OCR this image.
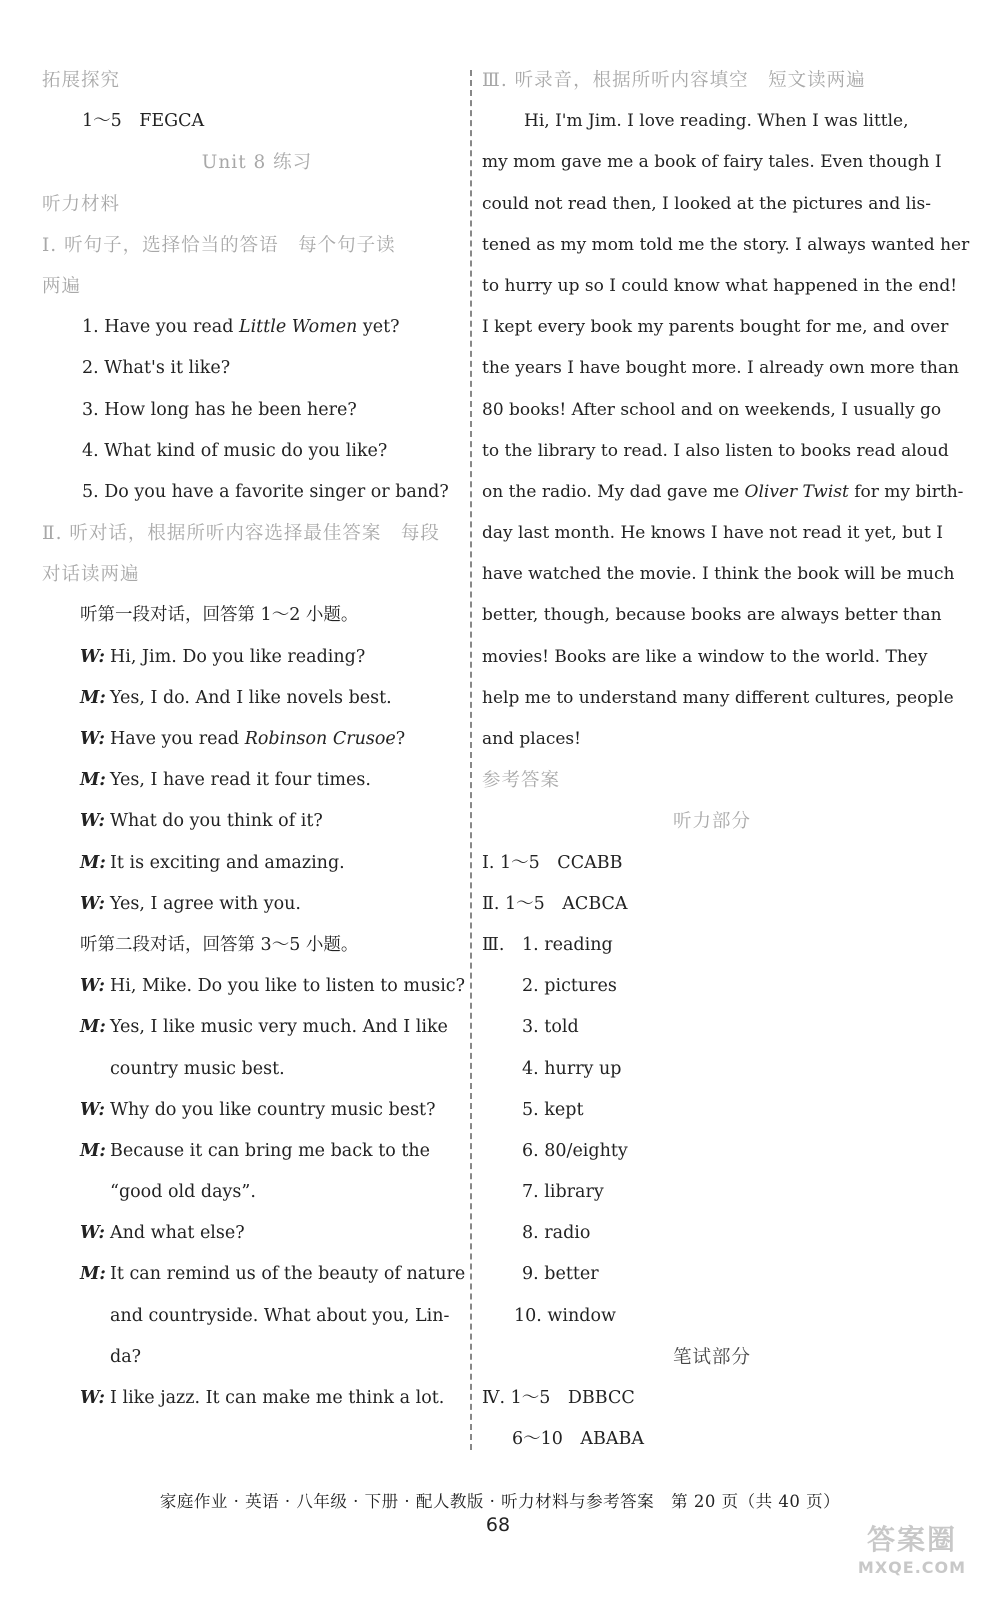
拓展探究
1～5　FEGCA
Unit 8 练习
听力材料
Ⅰ. 听句子，选择恰当的答语　每个句子读
两遍
1. Have you read Little Women yet?
2. What's it like?
3. How long has he been here?
4. What kind of music do you like?
5. Do you have a favorite singer or band?
Ⅱ. 听对话，根据所听内容选择最佳答案　每段
对话读两遍
听第一段对话，回答第 1～2 小题。
W: Hi, Jim. Do you like reading?
M: Yes, I do. And I like novels best.
W: Have you read Robinson Crusoe?
M: Yes, I have read it four times.
W: What do you think of it?
M: It is exciting and amazing.
W: Yes, I agree with you.
听第二段对话，回答第 3～5 小题。
W: Hi, Mike. Do you like to listen to music?
M: Yes, I like music very much. And I like
country music best.
W: Why do you like country music best?
M: Because it can bring me back to the
“good old days”.
W: And what else?
M: It can remind us of the beauty of nature
and countryside. What about you, Lin-
da?
W: I like jazz. It can make me think a lot.
Ⅲ. 听录音，根据所听内容填空　短文读两遍
Hi, I'm Jim. I love reading. When I was little,
my mom gave me a book of fairy tales. Even though I
could not read then, I looked at the pictures and lis-
tened as my mom told me the story. I always wanted her
to hurry up so I could know what happened in the end!
I kept every book my parents bought for me, and over
the years I have bought more. I already own more than
80 books! After school and on weekends, I usually go
to the library to read. I also listen to books read aloud
on the radio. My dad gave me Oliver Twist for my birth-
day last month. He knows I have not read it yet, but I
have watched the movie. I think the book will be much
better, though, because books are always better than
movies! Books are like a window to the world. They
help me to understand many different cultures, people
and places!
参考答案
听力部分
Ⅰ. 1～5　CCABB
Ⅱ. 1～5　ACBCA
Ⅲ. 1. reading
2. pictures
3. told
4. hurry up
5. kept
6. 80/eighty
7. library
8. radio
9. better
10. window
笔试部分
Ⅳ. 1～5　DBBCC
6～10　ABABA
家庭作业 · 英语 · 八年级 · 下册 · 配人教版 · 听力材料与参考答案　第 20 页（共 40 页）
68	答案圈
MXQE.COM
